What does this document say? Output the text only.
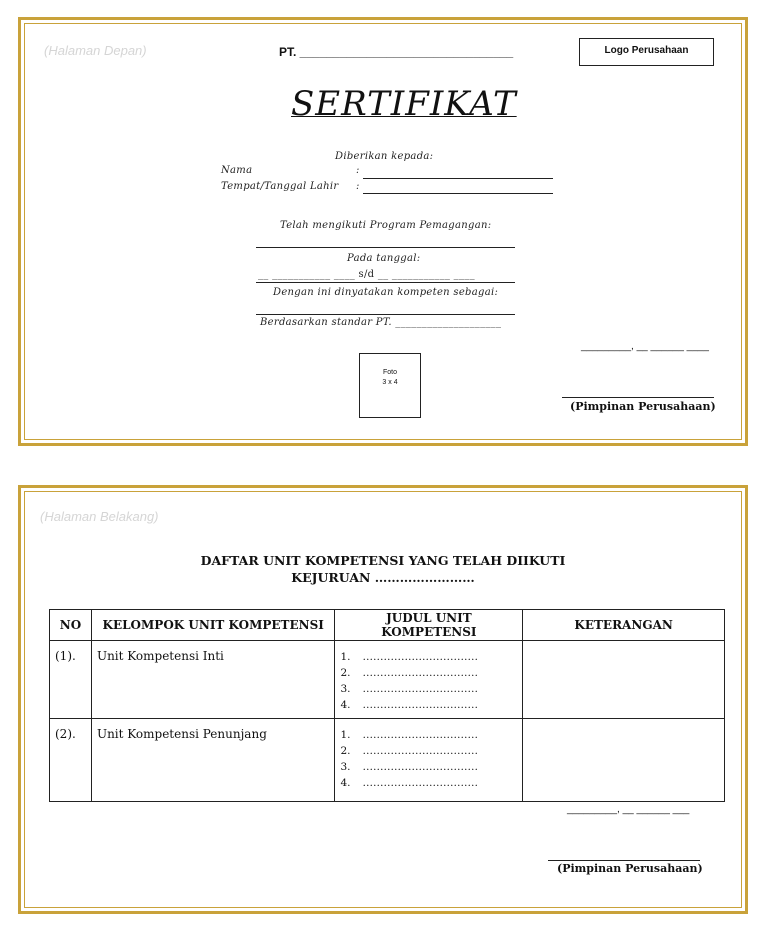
(Halaman Depan)	PT. ________________________________	Logo Perusahaan
SERTIFIKAT
Diberikan kepada:
Nama	:
Tempat/Tanggal Lahir :
Telah mengikuti Program Pemagangan:
Pada tanggal:
__ ___________ ____ s/d __ ___________ ____
Dengan ini dinyatakan kompeten sebagai:
Berdasarkan standar PT. ____________________
_________, __ ______ ____
Foto
3 x 4
(Pimpinan Perusahaan)
(Halaman Belakang)
DAFTAR UNIT KOMPETENSI YANG TELAH DIIKUTI
KEJURUAN ……………………
NO	KELOMPOK UNIT KOMPETENSI	JUDUL UNIT KOMPETENSI	KETERANGAN
(1).	Unit Kompetensi Inti	1. ……………………………
2. ……………………………
3. ……………………………
4. ……………………………	

(2).	Unit Kompetensi Penunjang	1. ……………………………
2. ……………………………
3. ……………………………
4. ……………………………	

_________, __ ______ ___
(Pimpinan Perusahaan)
